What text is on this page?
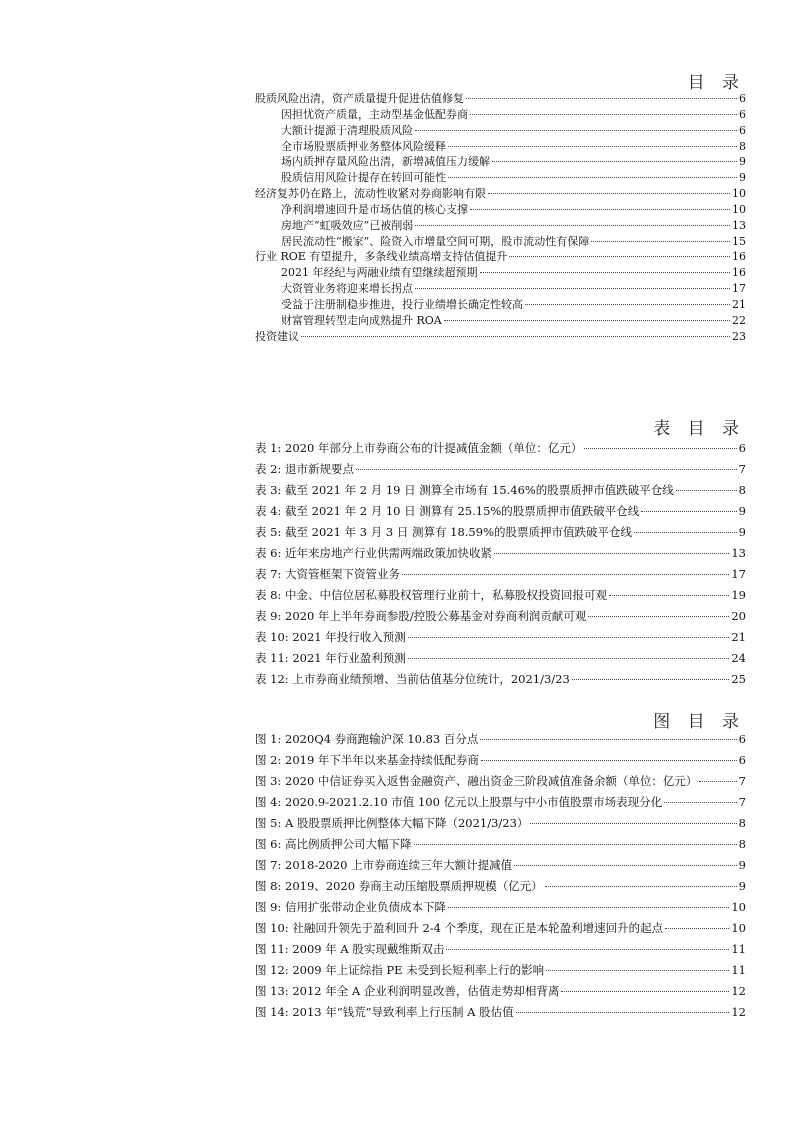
目 录
股质风险出清，资产质量提升促进估值修复	6
因担忧资产质量，主动型基金低配券商	6
大额计提源于清理股质风险	6
全市场股票质押业务整体风险缓释	8
场内质押存量风险出清，新增减值压力缓解	9
股质信用风险计提存在转回可能性	9
经济复苏仍在路上，流动性收紧对券商影响有限	10
净利润增速回升是市场估值的核心支撑	10
房地产“虹吸效应”已被削弱	13
居民流动性“搬家”、险资入市增量空间可期，股市流动性有保障	15
行业 ROE 有望提升，多条线业绩高增支持估值提升	16
2021 年经纪与两融业绩有望继续超预期	16
大资管业务将迎来增长拐点	17
受益于注册制稳步推进，投行业绩增长确定性较高	21
财富管理转型走向成熟提升 ROA	22
投资建议	23
表 目 录
表 1: 2020 年部分上市券商公布的计提减值金额（单位：亿元）	6
表 2: 退市新规要点	7
表 3: 截至 2021 年 2 月 19 日 测算全市场有 15.46%的股票质押市值跌破平仓线	8
表 4: 截至 2021 年 2 月 10 日 测算有 25.15%的股票质押市值跌破平仓线	9
表 5: 截至 2021 年 3 月 3 日 测算有 18.59%的股票质押市值跌破平仓线	9
表 6: 近年来房地产行业供需两端政策加快收紧	13
表 7: 大资管框架下资管业务	17
表 8: 中金、中信位居私募股权管理行业前十，私募股权投资回报可观	19
表 9: 2020 年上半年券商参股/控股公募基金对券商利润贡献可观	20
表 10: 2021 年投行收入预测	21
表 11: 2021 年行业盈利预测	24
表 12: 上市券商业绩预增、当前估值基分位统计，2021/3/23	25
图 目 录
图 1: 2020Q4 券商跑输沪深 10.83 百分点	6
图 2: 2019 年下半年以来基金持续低配券商	6
图 3: 2020 中信证券买入返售金融资产、融出资金三阶段减值准备余额（单位：亿元）	7
图 4: 2020.9-2021.2.10 市值 100 亿元以上股票与中小市值股票市场表现分化	7
图 5: A 股股票质押比例整体大幅下降（2021/3/23）	8
图 6: 高比例质押公司大幅下降	8
图 7: 2018-2020 上市券商连续三年大额计提减值	9
图 8: 2019、2020 券商主动压缩股票质押规模（亿元）	9
图 9: 信用扩张带动企业负债成本下降	10
图 10: 社融回升领先于盈利回升 2-4 个季度，现在正是本轮盈利增速回升的起点	10
图 11: 2009 年 A 股实现戴维斯双击	11
图 12: 2009 年上证综指 PE 未受到长短利率上行的影响	11
图 13: 2012 年全 A 企业利润明显改善，估值走势却相背离	12
图 14: 2013 年“钱荒”导致利率上行压制 A 股估值	12
